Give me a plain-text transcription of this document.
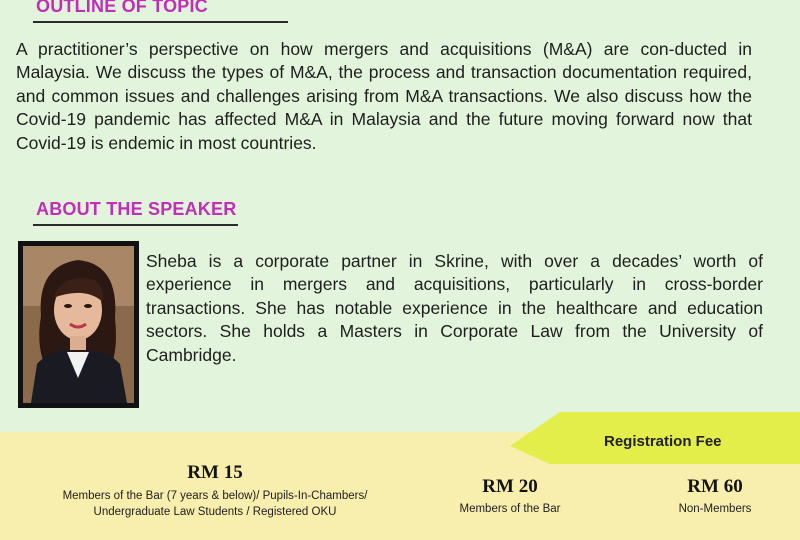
OUTLINE OF TOPIC
A practitioner’s perspective on how mergers and acquisitions (M&A) are con-ducted in Malaysia. We discuss the types of M&A, the process and transaction documentation required, and common issues and challenges arising from M&A transactions. We also discuss how the Covid-19 pandemic has affected M&A in Malaysia and the future moving forward now that Covid-19 is endemic in most countries.
ABOUT THE SPEAKER
Sheba is a corporate partner in Skrine, with over a decades’ worth of experience in mergers and acquisitions, particularly in cross-border transactions. She has notable experience in the healthcare and education sectors. She holds a Masters in Corporate Law from the University of Cambridge.
Registration Fee
RM 15
Members of the Bar (7 years & below)/ Pupils-In-Chambers/ Undergraduate Law Students / Registered OKU
RM 20
Members of the Bar
RM 60
Non-Members
